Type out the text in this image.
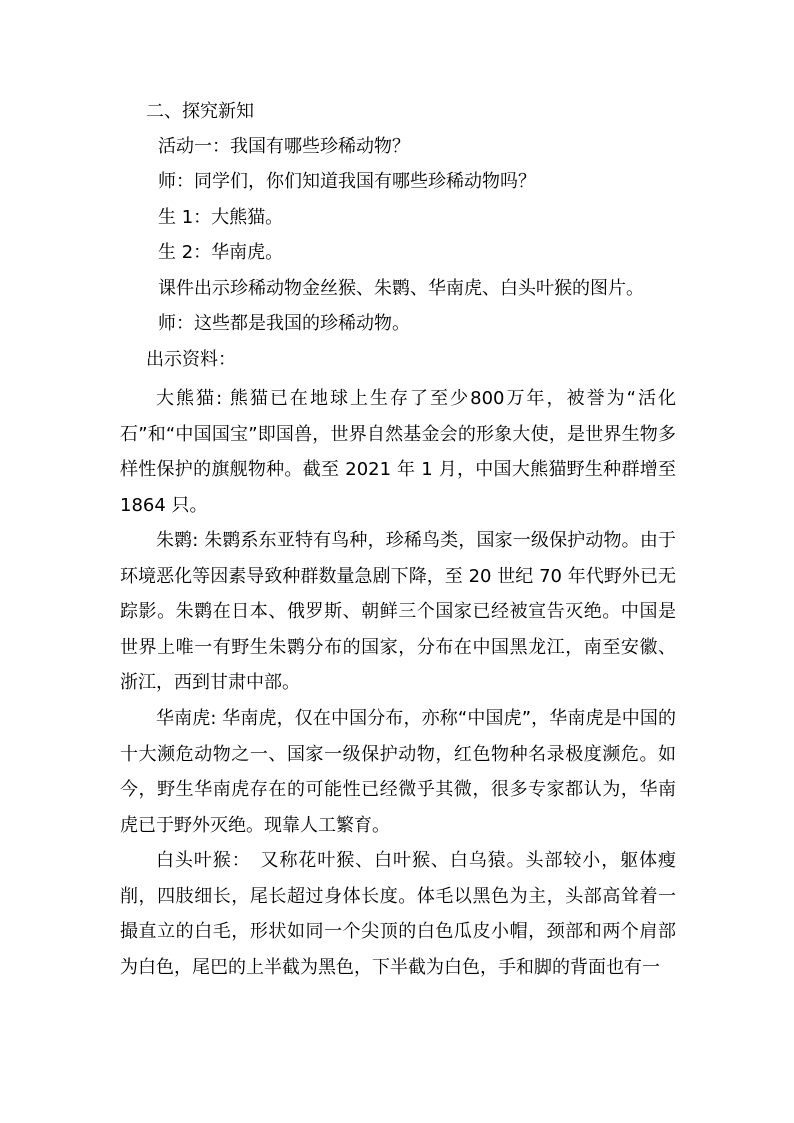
二、探究新知
活动一：我国有哪些珍稀动物？
师：同学们，你们知道我国有哪些珍稀动物吗？
生 1：大熊猫。
生 2：华南虎。
课件出示珍稀动物金丝猴、朱鹮、华南虎、白头叶猴的图片。
师：这些都是我国的珍稀动物。
出示资料：
大熊猫: 熊猫已在地球上生存了至少800万年，被誉为“活化石”和“中国国宝”即国兽，世界自然基金会的形象大使，是世界生物多样性保护的旗舰物种。截至 2021 年 1 月，中国大熊猫野生种群增至 1864 只。
朱鹮: 朱鹮系东亚特有鸟种，珍稀鸟类，国家一级保护动物。由于环境恶化等因素导致种群数量急剧下降，至 20 世纪 70 年代野外已无踪影。朱鹮在日本、俄罗斯、朝鲜三个国家已经被宣告灭绝。中国是世界上唯一有野生朱鹮分布的国家，分布在中国黑龙江，南至安徽、浙江，西到甘肃中部。
华南虎: 华南虎，仅在中国分布，亦称“中国虎”，华南虎是中国的十大濒危动物之一、国家一级保护动物，红色物种名录极度濒危。如今，野生华南虎存在的可能性已经微乎其微，很多专家都认为，华南虎已于野外灭绝。现靠人工繁育。
白头叶猴：　又称花叶猴、白叶猴、白乌猿。头部较小，躯体瘦削，四肢细长，尾长超过身体长度。体毛以黑色为主，头部高耸着一撮直立的白毛，形状如同一个尖顶的白色瓜皮小帽，颈部和两个肩部为白色，尾巴的上半截为黑色，下半截为白色，手和脚的背面也有一
